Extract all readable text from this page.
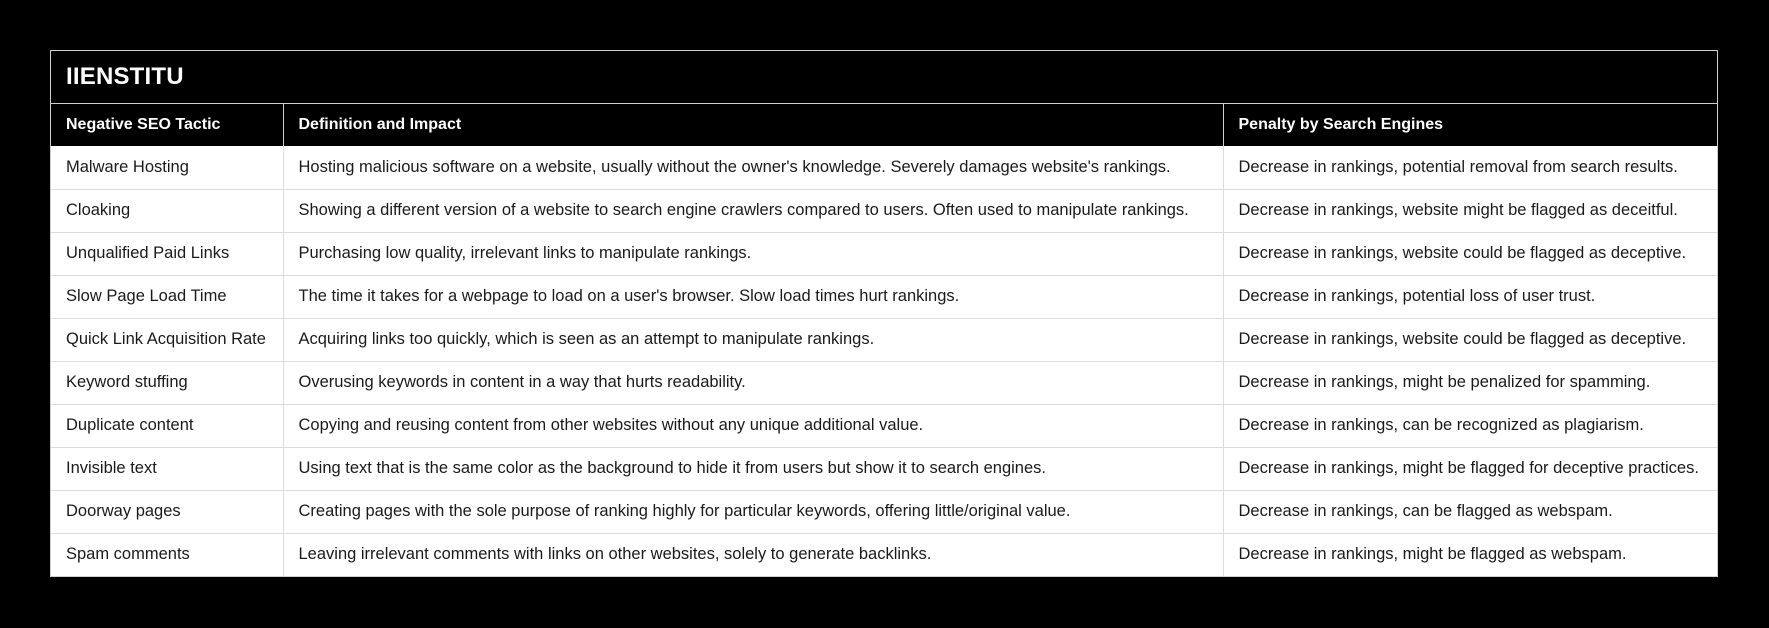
IIENSTITU
Negative SEO Tactic	Definition and Impact	Penalty by Search Engines
Malware Hosting	Hosting malicious software on a website, usually without the owner's knowledge. Severely damages website's rankings.	Decrease in rankings, potential removal from search results.
Cloaking	Showing a different version of a website to search engine crawlers compared to users. Often used to manipulate rankings.	Decrease in rankings, website might be flagged as deceitful.
Unqualified Paid Links	Purchasing low quality, irrelevant links to manipulate rankings.	Decrease in rankings, website could be flagged as deceptive.
Slow Page Load Time	The time it takes for a webpage to load on a user's browser. Slow load times hurt rankings.	Decrease in rankings, potential loss of user trust.
Quick Link Acquisition Rate	Acquiring links too quickly, which is seen as an attempt to manipulate rankings.	Decrease in rankings, website could be flagged as deceptive.
Keyword stuffing	Overusing keywords in content in a way that hurts readability.	Decrease in rankings, might be penalized for spamming.
Duplicate content	Copying and reusing content from other websites without any unique additional value.	Decrease in rankings, can be recognized as plagiarism.
Invisible text	Using text that is the same color as the background to hide it from users but show it to search engines.	Decrease in rankings, might be flagged for deceptive practices.
Doorway pages	Creating pages with the sole purpose of ranking highly for particular keywords, offering little/original value.	Decrease in rankings, can be flagged as webspam.
Spam comments	Leaving irrelevant comments with links on other websites, solely to generate backlinks.	Decrease in rankings, might be flagged as webspam.
